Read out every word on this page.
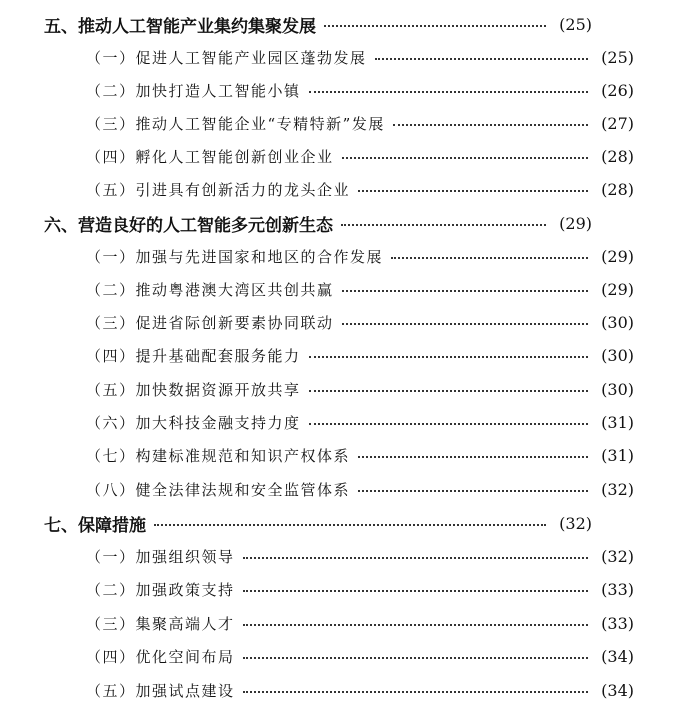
五、推动人工智能产业集约集聚发展	(25)
（一）促进人工智能产业园区蓬勃发展	(25)
（二）加快打造人工智能小镇	(26)
（三）推动人工智能企业“专精特新”发展	(27)
（四）孵化人工智能创新创业企业	(28)
（五）引进具有创新活力的龙头企业	(28)
六、营造良好的人工智能多元创新生态	(29)
（一）加强与先进国家和地区的合作发展	(29)
（二）推动粤港澳大湾区共创共赢	(29)
（三）促进省际创新要素协同联动	(30)
（四）提升基础配套服务能力	(30)
（五）加快数据资源开放共享	(30)
（六）加大科技金融支持力度	(31)
（七）构建标准规范和知识产权体系	(31)
（八）健全法律法规和安全监管体系	(32)
七、保障措施	(32)
（一）加强组织领导	(32)
（二）加强政策支持	(33)
（三）集聚高端人才	(33)
（四）优化空间布局	(34)
（五）加强试点建设	(34)
